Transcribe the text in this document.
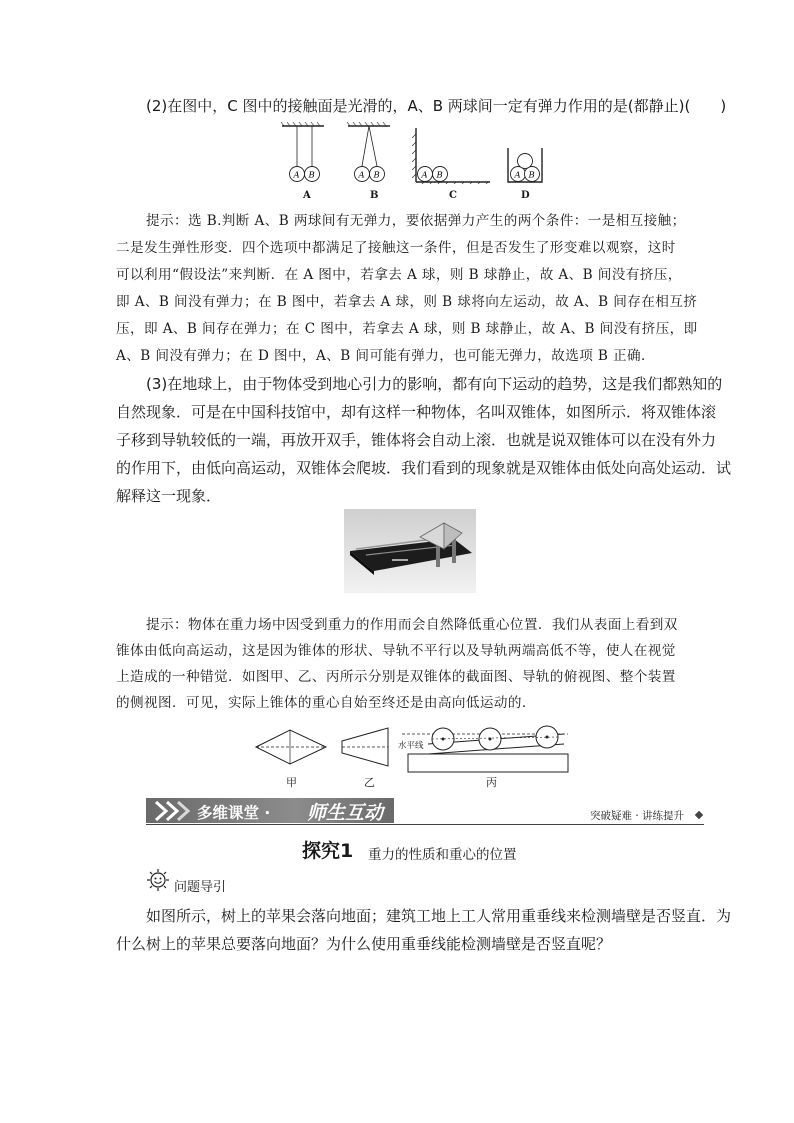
(2)在图中，C 图中的接触面是光滑的，A、B 两球间一定有弹力作用的是(都静止)(　　)
A B	A B	A B	A B
A	B	C	D
提示：选 B.判断 A、B 两球间有无弹力，要依据弹力产生的两个条件：一是相互接触；
二是发生弹性形变．四个选项中都满足了接触这一条件，但是否发生了形变难以观察，这时
可以利用“假设法”来判断．在 A 图中，若拿去 A 球，则 B 球静止，故 A、B 间没有挤压，
即 A、B 间没有弹力；在 B 图中，若拿去 A 球，则 B 球将向左运动，故 A、B 间存在相互挤
压，即 A、B 间存在弹力；在 C 图中，若拿去 A 球，则 B 球静止，故 A、B 间没有挤压，即
A、B 间没有弹力；在 D 图中，A、B 间可能有弹力，也可能无弹力，故选项 B 正确．
(3)在地球上，由于物体受到地心引力的影响，都有向下运动的趋势，这是我们都熟知的
自然现象．可是在中国科技馆中，却有这样一种物体，名叫双锥体，如图所示．将双锥体滚
子移到导轨较低的一端，再放开双手，锥体将会自动上滚．也就是说双锥体可以在没有外力
的作用下，由低向高运动，双锥体会爬坡．我们看到的现象就是双锥体由低处向高处运动．试
解释这一现象．
提示：物体在重力场中因受到重力的作用而会自然降低重心位置．我们从表面上看到双
锥体由低向高运动，这是因为锥体的形状、导轨不平行以及导轨两端高低不等，使人在视觉
上造成的一种错觉．如图甲、乙、丙所示分别是双锥体的截面图、导轨的俯视图、整个装置
的侧视图．可见，实际上锥体的重心自始至终还是由高向低运动的．
水平线
甲	乙	丙
多维课堂 · 师生互动	突破疑难 · 讲练提升
探究1 重力的性质和重心的位置
问题导引
如图所示，树上的苹果会落向地面；建筑工地上工人常用重垂线来检测墙壁是否竖直．为
什么树上的苹果总要落向地面？为什么使用重垂线能检测墙壁是否竖直呢？
